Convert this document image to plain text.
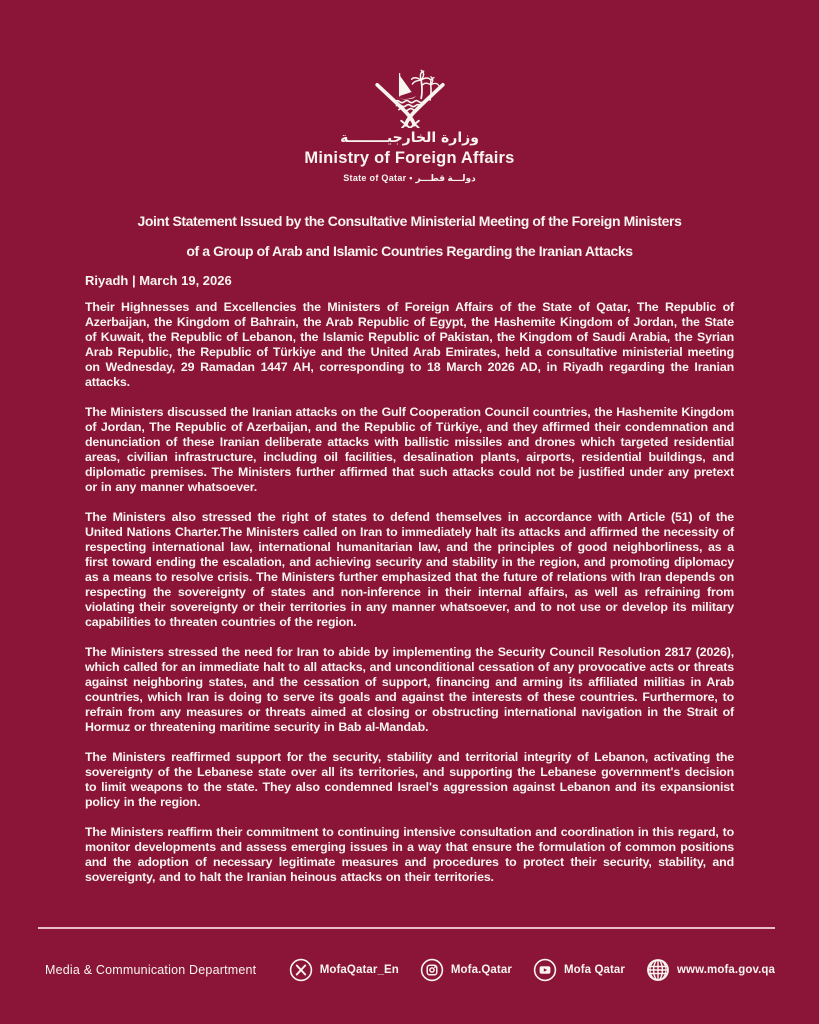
وزارة الخارجيــــــــة
Ministry of Foreign Affairs
State of Qatar • دولـــة قطـــر
Joint Statement Issued by the Consultative Ministerial Meeting of the Foreign Ministers
of a Group of Arab and Islamic Countries Regarding the Iranian Attacks
Riyadh | March 19, 2026

Their Highnesses and Excellencies the Ministers of Foreign Affairs of the State of Qatar, The Republic of Azerbaijan, the Kingdom of Bahrain, the Arab Republic of Egypt, the Hashemite Kingdom of Jordan, the State of Kuwait, the Republic of Lebanon, the Islamic Republic of Pakistan, the Kingdom of Saudi Arabia, the Syrian Arab Republic, the Republic of Türkiye and the United Arab Emirates, held a consultative ministerial meeting on Wednesday, 29 Ramadan 1447 AH, corresponding to 18 March 2026 AD, in Riyadh regarding the Iranian attacks.

The Ministers discussed the Iranian attacks on the Gulf Cooperation Council countries, the Hashemite Kingdom of Jordan, The Republic of Azerbaijan, and the Republic of Türkiye, and they affirmed their condemnation and denunciation of these Iranian deliberate attacks with ballistic missiles and drones which targeted residential areas, civilian infrastructure, including oil facilities, desalination plants, airports, residential buildings, and diplomatic premises. The Ministers further affirmed that such attacks could not be justified under any pretext or in any manner whatsoever.

The Ministers also stressed the right of states to defend themselves in accordance with Article (51) of the United Nations Charter.The Ministers called on Iran to immediately halt its attacks and affirmed the necessity of respecting international law, international humanitarian law, and the principles of good neighborliness, as a first toward ending the escalation, and achieving security and stability in the region, and promoting diplomacy as a means to resolve crisis. The Ministers further emphasized that the future of relations with Iran depends on respecting the sovereignty of states and non-inference in their internal affairs, as well as refraining from violating their sovereignty or their territories in any manner whatsoever, and to not use or develop its military capabilities to threaten countries of the region.

The Ministers stressed the need for Iran to abide by implementing the Security Council Resolution 2817 (2026), which called for an immediate halt to all attacks, and unconditional cessation of any provocative acts or threats against neighboring states, and the cessation of support, financing and arming its affiliated militias in Arab countries, which Iran is doing to serve its goals and against the interests of these countries. Furthermore, to refrain from any measures or threats aimed at closing or obstructing international navigation in the Strait of Hormuz or threatening maritime security in Bab al-Mandab.

The Ministers reaffirmed support for the security, stability and territorial integrity of Lebanon, activating the sovereignty of the Lebanese state over all its territories, and supporting the Lebanese government's decision to limit weapons to the state. They also condemned Israel's aggression against Lebanon and its expansionist policy in the region.

The Ministers reaffirm their commitment to continuing intensive consultation and coordination in this regard, to monitor developments and assess emerging issues in a way that ensure the formulation of common positions and the adoption of necessary legitimate measures and procedures to protect their security, stability, and sovereignty, and to halt the Iranian heinous attacks on their territories.

Media & Communication Department	MofaQatar_En	Mofa.Qatar	Mofa Qatar	www.mofa.gov.qa
